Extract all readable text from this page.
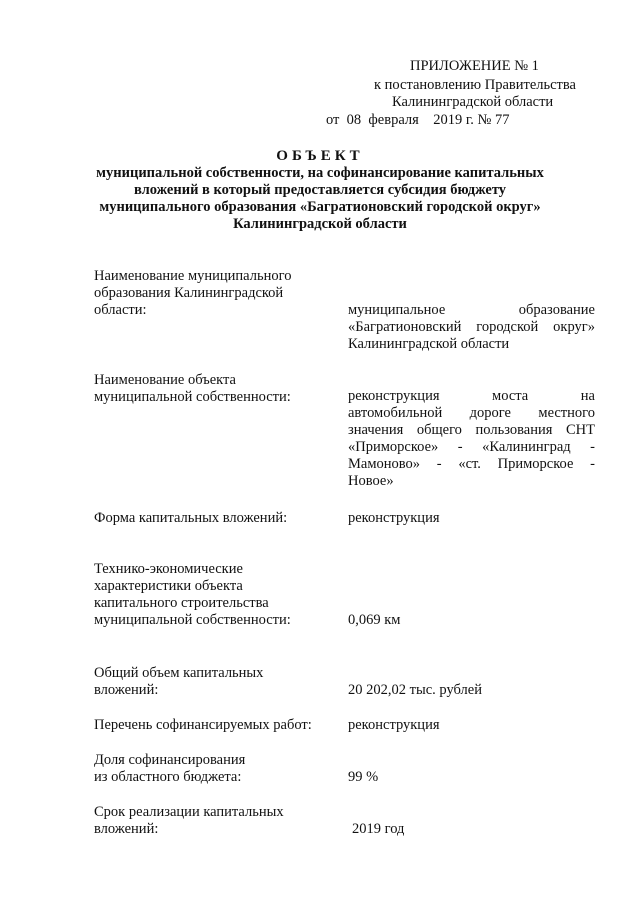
ПРИЛОЖЕНИЕ № 1
к постановлению Правительства
Калининградской области
от  08  февраля    2019 г. № 77
ОБЪЕКТ
муниципальной собственности, на софинансирование капитальных
вложений в который предоставляется субсидия бюджету
муниципального образования «Багратионовский городской округ»
Калининградской области
Наименование муниципального
образования Калининградской
области:	муниципальное образование
«Багратионовский городской округ»
Калининградской области
Наименование объекта
муниципальной собственности:	реконструкция моста на
автомобильной дороге местного
значения общего пользования СНТ
«Приморское» - «Калининград -
Мамоново» - «ст. Приморское -
Новое»
Форма капитальных вложений:	реконструкция
Технико-экономические
характеристики объекта
капитального строительства
муниципальной собственности:	0,069 км
Общий объем капитальных
вложений:	20 202,02 тыс. рублей
Перечень софинансируемых работ:	реконструкция
Доля софинансирования
из областного бюджета:	99 %
Срок реализации капитальных
вложений:	2019 год
